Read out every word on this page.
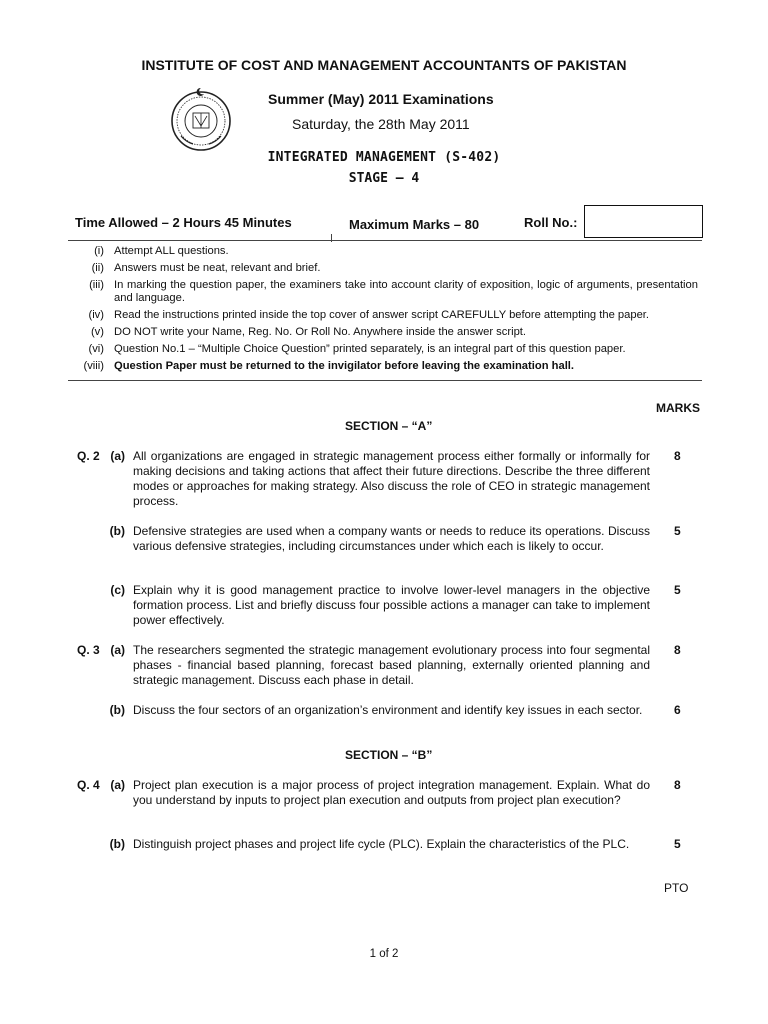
INSTITUTE OF COST AND MANAGEMENT ACCOUNTANTS OF PAKISTAN
Summer (May) 2011 Examinations
Saturday, the 28th May 2011
INTEGRATED MANAGEMENT (S-402)
STAGE – 4
Time Allowed – 2 Hours 45 Minutes	Maximum Marks – 80	Roll No.:
(i) Attempt ALL questions.
(ii) Answers must be neat, relevant and brief.
(iii) In marking the question paper, the examiners take into account clarity of exposition, logic of arguments, presentation and language.
(iv) Read the instructions printed inside the top cover of answer script CAREFULLY before attempting the paper.
(v) DO NOT write your Name, Reg. No. Or Roll No. Anywhere inside the answer script.
(vi) Question No.1 – “Multiple Choice Question” printed separately, is an integral part of this question paper.
(viii) Question Paper must be returned to the invigilator before leaving the examination hall.
MARKS
SECTION – “A”
Q. 2 (a) All organizations are engaged in strategic management process either formally or informally for making decisions and taking actions that affect their future directions. Describe the three different modes or approaches for making strategy. Also discuss the role of CEO in strategic management process.
8
(b) Defensive strategies are used when a company wants or needs to reduce its operations. Discuss various defensive strategies, including circumstances under which each is likely to occur.
5
(c) Explain why it is good management practice to involve lower-level managers in the objective formation process. List and briefly discuss four possible actions a manager can take to implement power effectively.
5
Q. 3 (a) The researchers segmented the strategic management evolutionary process into four segmental phases - financial based planning, forecast based planning, externally oriented planning and strategic management. Discuss each phase in detail.
8
(b) Discuss the four sectors of an organization’s environment and identify key issues in each sector.	6
SECTION – “B”
Q. 4 (a) Project plan execution is a major process of project integration management. Explain. What do you understand by inputs to project plan execution and outputs from project plan execution?
8
(b) Distinguish project phases and project life cycle (PLC). Explain the characteristics of the PLC.	5
PTO
1 of 2
